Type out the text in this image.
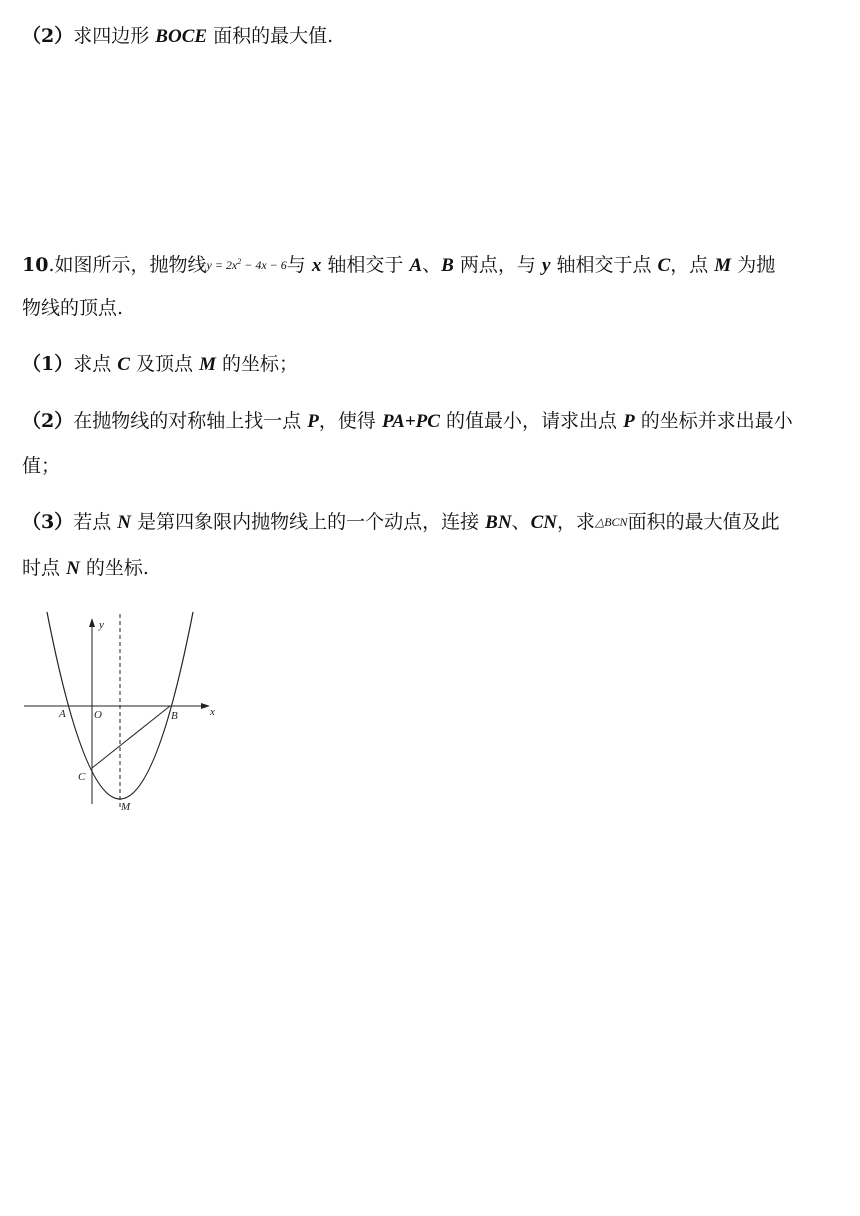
（2）求四边形 BOCE 面积的最大值.
10.如图所示，抛物线$y = 2x^2 - 4x - 6$与 x 轴相交于 A、B 两点，与 y 轴相交于点 C，点 M 为抛
物线的顶点.
（1）求点 C 及顶点 M 的坐标；
（2）在抛物线的对称轴上找一点 P，使得 PA+PC 的值最小，请求出点 P 的坐标并求出最小
值；
（3）若点 N 是第四象限内抛物线上的一个动点，连接 BN、CN，求△BCN面积的最大值及此
时点 N 的坐标.
y
x
A	O	B
C
M
